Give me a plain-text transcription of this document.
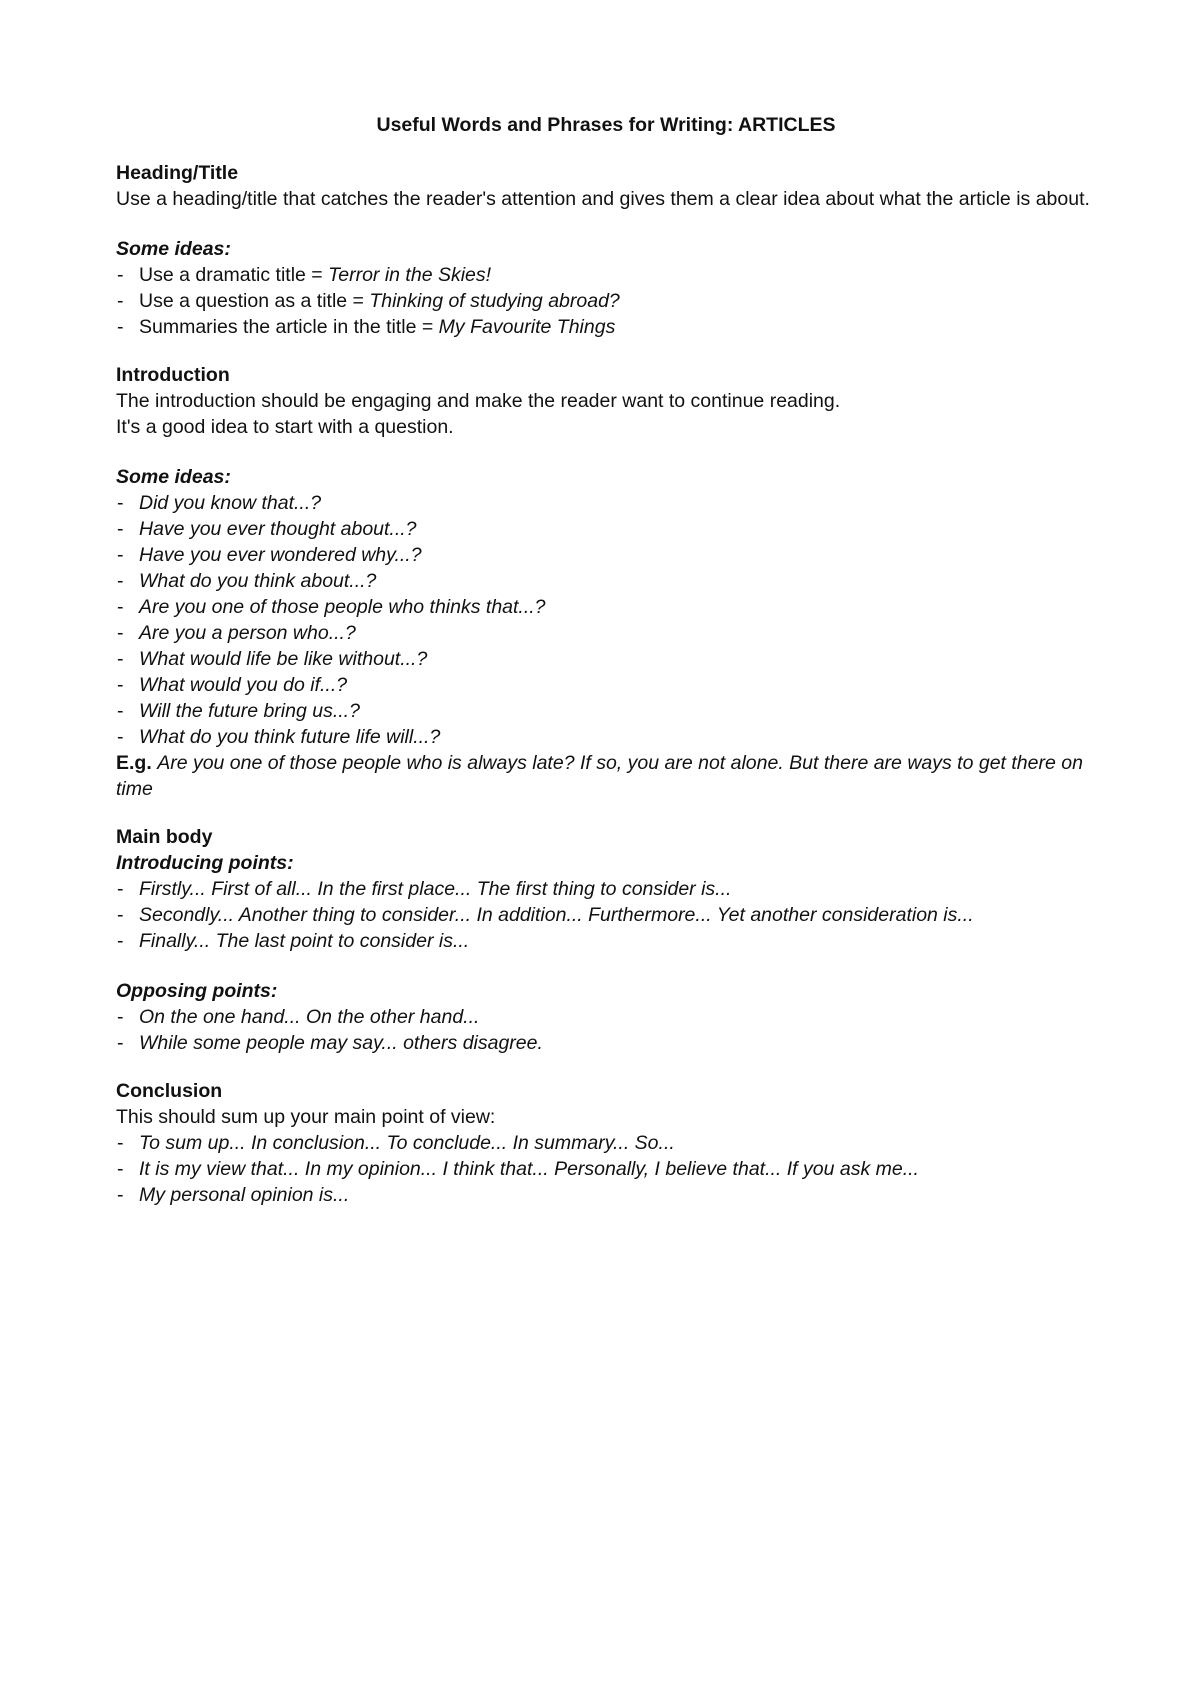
Useful Words and Phrases for Writing: ARTICLES

Heading/Title

Use a heading/title that catches the reader's attention and gives them a clear idea about what the article is about.

Some ideas:

- Use a dramatic title = Terror in the Skies!
- Use a question as a title = Thinking of studying abroad?
- Summaries the article in the title = My Favourite Things

Introduction

The introduction should be engaging and make the reader want to continue reading.

It's a good idea to start with a question.

Some ideas:

- Did you know that...?
- Have you ever thought about...?
- Have you ever wondered why...?
- What do you think about...?
- Are you one of those people who thinks that...?
- Are you a person who...?
- What would life be like without...?
- What would you do if...?
- Will the future bring us...?
- What do you think future life will...?

E.g. Are you one of those people who is always late? If so, you are not alone. But there are ways to get there on time

Main body

Introducing points:

- Firstly... First of all... In the first place... The first thing to consider is...
- Secondly... Another thing to consider... In addition... Furthermore... Yet another consideration is...
- Finally... The last point to consider is...

Opposing points:

- On the one hand... On the other hand...
- While some people may say... others disagree.

Conclusion

This should sum up your main point of view:

- To sum up... In conclusion... To conclude... In summary... So...
- It is my view that... In my opinion... I think that... Personally, I believe that... If you ask me...
- My personal opinion is...
